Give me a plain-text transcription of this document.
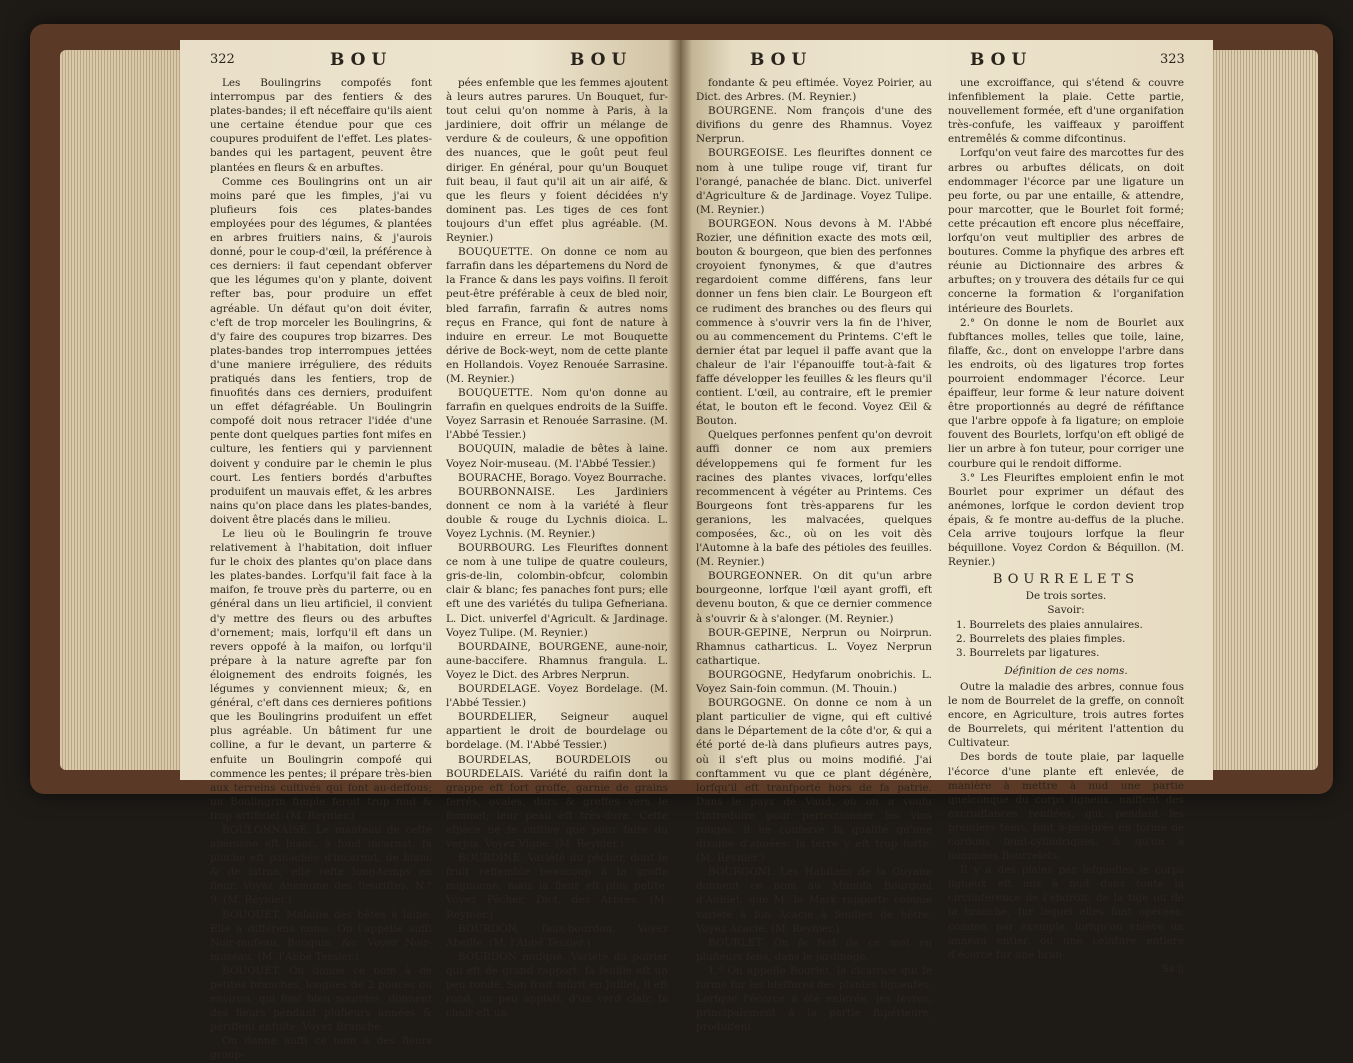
322	BOU	BOU

Les Boulingrins compofés font interrompus par des fentiers & des plates-bandes; il eft néceffaire qu'ils aient une certaine étendue pour que ces coupures produifent de l'effet. Les plates-bandes qui les partagent, peuvent être plantées en fleurs & en arbuftes.

Comme ces Boulingrins ont un air moins paré que les fimples, j'ai vu plufieurs fois ces plates-bandes employées pour des légumes, & plantées en arbres fruitiers nains, & j'aurois donné, pour le coup-d'œil, la préférence à ces derniers: il faut cependant obferver que les légumes qu'on y plante, doivent refter bas, pour produire un effet agréable. Un défaut qu'on doit éviter, c'eft de trop morceler les Boulingrins, & d'y faire des coupures trop bizarres. Des plates-bandes trop interrompues jettées d'une maniere irréguliere, des réduits pratiqués dans les fentiers, trop de finuofités dans ces derniers, produifent un effet défagréable. Un Boulingrin compofé doit nous retracer l'idée d'une pente dont quelques parties font mifes en culture, les fentiers qui y parviennent doivent y conduire par le chemin le plus court. Les fentiers bordés d'arbuftes produifent un mauvais effet, & les arbres nains qu'on place dans les plates-bandes, doivent être placés dans le milieu.

Le lieu où le Boulingrin fe trouve relativement à l'habitation, doit influer fur le choix des plantes qu'on place dans les plates-bandes. Lorfqu'il fait face à la maifon, fe trouve près du parterre, ou en général dans un lieu artificiel, il convient d'y mettre des fleurs ou des arbuftes d'ornement; mais, lorfqu'il eft dans un revers oppofé à la maifon, ou lorfqu'il prépare à la nature agrefte par fon éloignement des endroits foignés, les légumes y conviennent mieux; &, en général, c'eft dans ces dernieres pofitions que les Boulingrins produifent un effet plus agréable. Un bâtiment fur une colline, a fur le devant, un parterre & enfuite un Boulingrin compofé qui commence les pentes; il prépare très-bien aux terreins cultivés qui font au-deffous; un Boulingrin fimple feroit trop nud & trop artificiel. (M. Reynier.)

BOULONNAISE. Le manteau de cette anémone eft blanc, à fond incarnat, fa pluche eft panachée d'incarnat, de blanc & de citron; elle refte long-temps en fleur. Voyez Anemone des fleuriftes, N.° 9. (M. Reynier.)

BOUQUET. Maladie des bêtes à laine. Elle a différens noms. On l'appelle auffi Noir-mufeau, Bouquin, &c. Voyez Noir-museau. (M. l'Abbé Tessier.)

BOUQUET. On donne ce nom à de petites branches, longues de 2 pouces ou environ, qui font bien nourries, donnent des fleurs pendant plufieurs années & périffent enfuite. Voyez Branche.

On donne auffi ce nom à des fleurs group-

pées enfemble que les femmes ajoutent à leurs autres parures. Un Bouquet, fur-tout celui qu'on nomme à Paris, à la jardiniere, doit offrir un mélange de verdure & de couleurs, & une oppofition des nuances, que le goût peut feul diriger. En général, pour qu'un Bouquet fuit beau, il faut qu'il ait un air aifé, & que les fleurs y foient décidées n'y dominent pas. Les tiges de ces font toujours d'un effet plus agréable. (M. Reynier.)

BOUQUETTE. On donne ce nom au farrafin dans les départemens du Nord de la France & dans les pays voifins. Il feroit peut-être préférable à ceux de bled noir, bled farrafin, farrafin & autres noms reçus en France, qui font de nature à induire en erreur. Le mot Bouquette dérive de Bock-weyt, nom de cette plante en Hollandois. Voyez Renouée Sarrasine. (M. Reynier.)

BOUQUETTE. Nom qu'on donne au farrafin en quelques endroits de la Suiffe. Voyez Sarrasin et Renouée Sarrasine. (M. l'Abbé Tessier.)

BOUQUIN, maladie de bêtes à laine. Voyez Noir-museau. (M. l'Abbé Tessier.)

BOURACHE, Borago. Voyez Bourrache.

BOURBONNAISE. Les Jardiniers donnent ce nom à la variété à fleur double & rouge du Lychnis dioica. L. Voyez Lychnis. (M. Reynier.)

BOURBOURG. Les Fleuriftes donnent ce nom à une tulipe de quatre couleurs, gris-de-lin, colombin-obfcur, colombin clair & blanc; fes panaches font purs; elle eft une des variétés du tulipa Gefneriana. L. Dict. univerfel d'Agricult. & Jardinage. Voyez Tulipe. (M. Reynier.)

BOURDAINE, BOURGENE, aune-noir, aune-baccifere. Rhamnus frangula. L. Voyez le Dict. des Arbres Nerprun.

BOURDELAGE. Voyez Bordelage. (M. l'Abbé Tessier.)

BOURDELIER, Seigneur auquel appartient le droit de bourdelage ou bordelage. (M. l'Abbé Tessier.)

BOURDELAS, BOURDELOIS ou BOURDELAIS. Variété du raifin dont la grappe eft fort groffe, garnie de grains ferrés, ovales, durs & greffes vers le fommet; leur peau eft très-dure. Cette efpèce ne fe cultive que pour faire du verjus. Voyez Vigne. (M. Reynier.)

BOURDINE. Variété du pêcher, dont le fruit reffemble beaucoup à la groffe mignonne, mais la fleur eft plus petite. Voyez Pêcher, Dict. des Arbres. (M. Reynier.)

BOURDON, faux-bourdon. Voyez Abeille. (M. l'Abbé Tessier.)

BOURDON mufqué. Variété du poirier qui eft de grand rapport: fa feuille eft un peu ronde. Son fruit mûrit en Juillet, il eft rond, un peu applati, d'un verd clair, fa chair eft un

BOU	BOU	323

fondante & peu eftimée. Voyez Poirier, au Dict. des Arbres. (M. Reynier.)

BOURGENE. Nom françois d'une des divifions du genre des Rhamnus. Voyez Nerprun.

BOURGEOISE. Les fleuriftes donnent ce nom à une tulipe rouge vif, tirant fur l'orangé, panachée de blanc. Dict. univerfel d'Agriculture & de Jardinage. Voyez Tulipe. (M. Reynier.)

BOURGEON. Nous devons à M. l'Abbé Rozier, une définition exacte des mots œil, bouton & bourgeon, que bien des perfonnes croyoient fynonymes, & que d'autres regardoient comme différens, fans leur donner un fens bien clair. Le Bourgeon eft ce rudiment des branches ou des fleurs qui commence à s'ouvrir vers la fin de l'hiver, ou au commencement du Printems. C'eft le dernier état par lequel il paffe avant que la chaleur de l'air l'épanouiffe tout-à-fait & faffe développer les feuilles & les fleurs qu'il contient. L'œil, au contraire, eft le premier état, le bouton eft le fecond. Voyez Œil & Bouton.

Quelques perfonnes penfent qu'on devroit auffi donner ce nom aux premiers développemens qui fe forment fur les racines des plantes vivaces, lorfqu'elles recommencent à végéter au Printems. Ces Bourgeons font très-apparens fur les geranions, les malvacées, quelques composées, &c., où on les voit dès l'Automne à la bafe des pétioles des feuilles. (M. Reynier.)

BOURGEONNER. On dit qu'un arbre bourgeonne, lorfque l'œil ayant groffi, eft devenu bouton, & que ce dernier commence à s'ouvrir & à s'alonger. (M. Reynier.)

BOUR-GEPINE, Nerprun ou Noirprun. Rhamnus catharticus. L. Voyez Nerprun cathartique.

BOURGOGNE, Hedyfarum onobrichis. L. Voyez Sain-foin commun. (M. Thouin.)

BOURGOGNE. On donne ce nom à un plant particulier de vigne, qui eft cultivé dans le Département de la côte d'or, & qui a été porté de-là dans plufieurs autres pays, où il s'eft plus ou moins modifié. J'ai conftamment vu que ce plant dégénère, lorfqu'il eft tranfporté hors de fa patrie. Dans le pays de Vaud, où on a voulu l'introduire pour perfectionner les vins rouges, il ne conferve fa qualité qu'une dixaine d'années: la terre y eft trop forte. (M. Reynier.)

BOURGONI. Les Habitans de la Guyane donnent ce nom au Mimofa Bourgoni d'Aublet, que M. la Mark rapporte comme variété à fon Acacie à feuilles de hêtre. Voyez Acacie. (M. Reynier.)

BOURLET. On fe fert de ce mot en plufieurs fens, dans le jardinage.

1.° On appelle Bourlet, la cicatrice qui fe forme fur les bleffures des plantes ligneufes. Lorfque l'écorce a été enlevée, les lèvres, principalement à la partie fupérieure, produifent

une excroiffance, qui s'étend & couvre infenfiblement la plaie. Cette partie, nouvellement formée, eft d'une organifation très-confufe, les vaiffeaux y paroiffent entremêlés & comme difcontinus.

Lorfqu'on veut faire des marcottes fur des arbres ou arbuftes délicats, on doit endommager l'écorce par une ligature un peu forte, ou par une entaille, & attendre, pour marcotter, que le Bourlet foit formé; cette précaution eft encore plus néceffaire, lorfqu'on veut multiplier des arbres de boutures. Comme la phyfique des arbres eft réunie au Dictionnaire des arbres & arbuftes; on y trouvera des détails fur ce qui concerne la formation & l'organifation intérieure des Bourlets.

2.° On donne le nom de Bourlet aux fubftances molles, telles que toile, laine, filaffe, &c., dont on enveloppe l'arbre dans les endroits, où des ligatures trop fortes pourroient endommager l'écorce. Leur épaiffeur, leur forme & leur nature doivent être proportionnés au degré de réfiftance que l'arbre oppofe à fa ligature; on emploie fouvent des Bourlets, lorfqu'on eft obligé de lier un arbre à fon tuteur, pour corriger une courbure qui le rendoit difforme.

3.° Les Fleuriftes emploient enfin le mot Bourlet pour exprimer un défaut des anémones, lorfque le cordon devient trop épais, & fe montre au-deffus de la pluche. Cela arrive toujours lorfque la fleur béquillone. Voyez Cordon & Béquillon. (M. Reynier.)

BOURRELETS

De trois sortes.

Savoir:

1. Bourrelets des plaies annulaires.

2. Bourrelets des plaies fimples.

3. Bourrelets par ligatures.

Définition de ces noms.

Outre la maladie des arbres, connue fous le nom de Bourrelet de la greffe, on connoît encore, en Agriculture, trois autres fortes de Bourrelets, qui méritent l'attention du Cultivateur.

Des bords de toute plaie, par laquelle l'écorce d'une plante eft enlevée, de manière à mettre à nud une partie quelconque du corps ligneux, naiffent des excroiffances renflées, qui, pendant les premiers tems, font à-peu-près en forme de cordons femi-cylindriques, & qu'on a nommées Bourrelets.

Il y a des plaies par lefquelles le corps ligneux eft mis à nud dans toute la circonférence de l'endroit, de la tige ou de la branche, fur lequel elles font opérées: comme, par exemple, lorfqu'on enlève un anneau entier, ou une ceinture entière d'écorce fur une bran-

Ss ij
